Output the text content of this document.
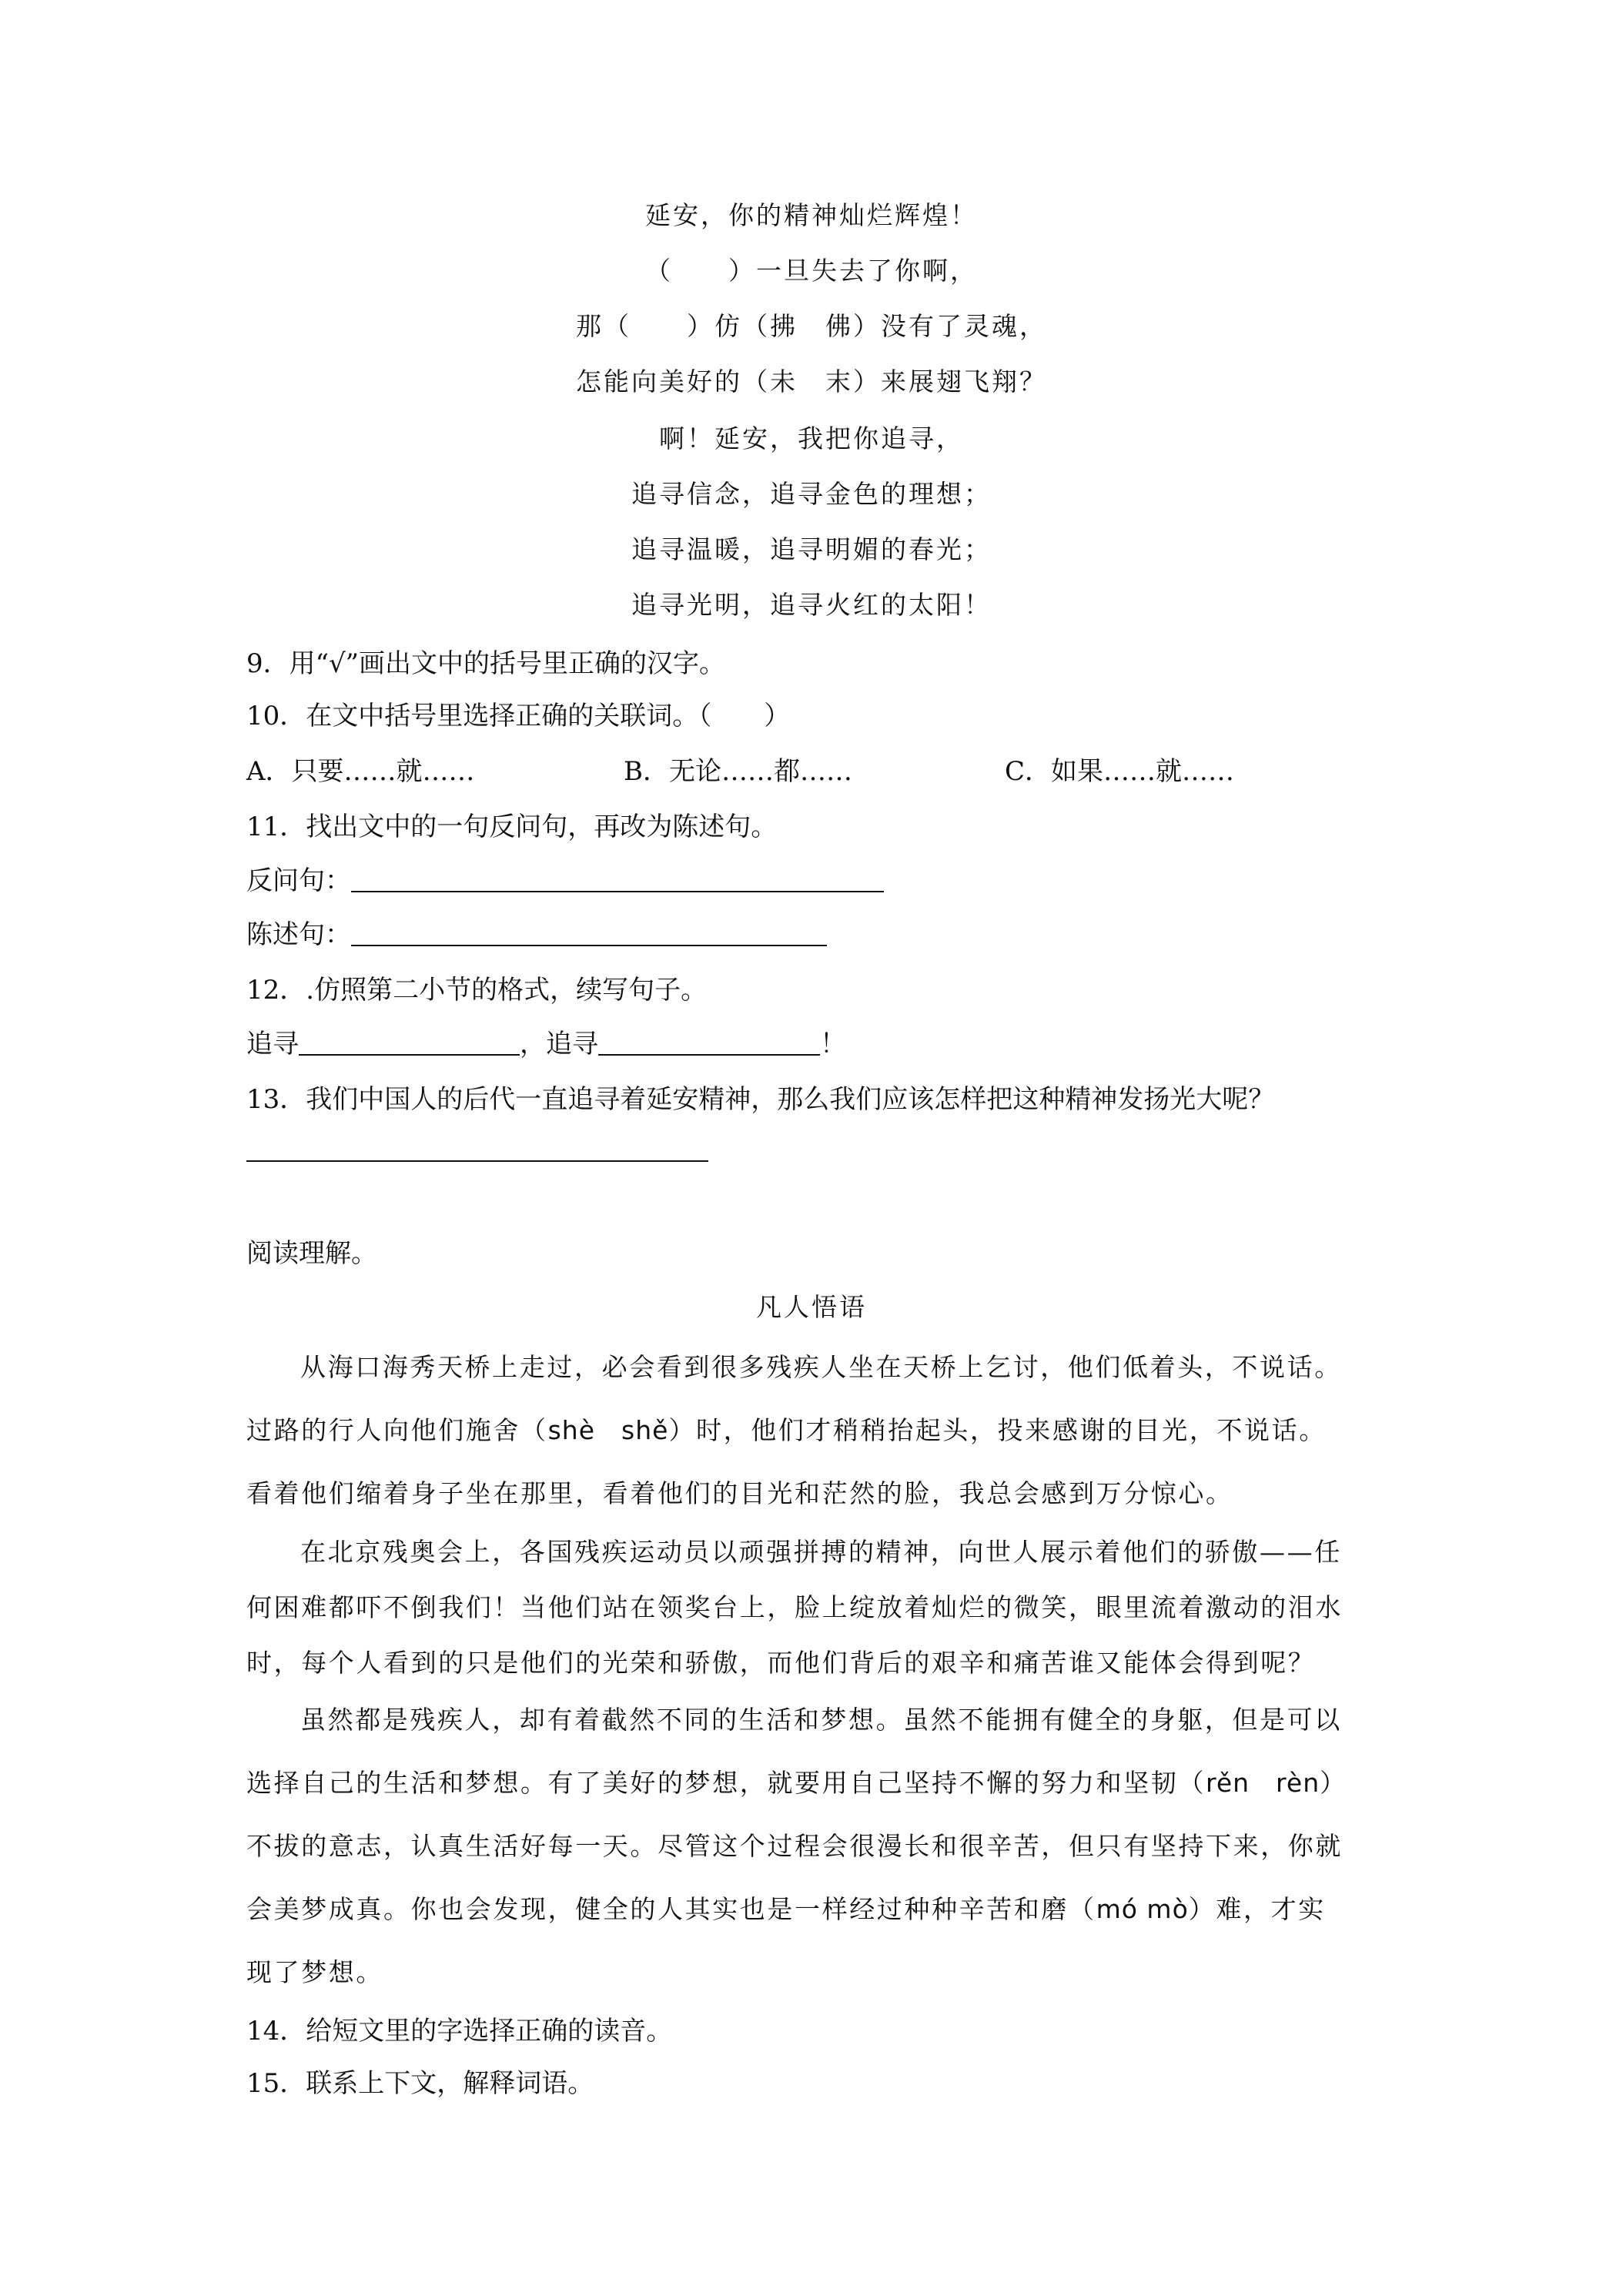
延安，你的精神灿烂辉煌！
（　　）一旦失去了你啊，
那（　　）仿（拂　佛）没有了灵魂，
怎能向美好的（未　末）来展翅飞翔？
啊！延安，我把你追寻，
追寻信念，追寻金色的理想；
追寻温暖，追寻明媚的春光；
追寻光明，追寻火红的太阳！
9．用“√”画出文中的括号里正确的汉字。
10．在文中括号里选择正确的关联词。（　　）
A．只要……就……	B．无论……都……	C．如果……就……
11．找出文中的一句反问句，再改为陈述句。
反问句：
陈述句：
12．.仿照第二小节的格式，续写句子。
追寻	，追寻	！
13．我们中国人的后代一直追寻着延安精神，那么我们应该怎样把这种精神发扬光大呢？
阅读理解。
凡人悟语
从海口海秀天桥上走过，必会看到很多残疾人坐在天桥上乞讨，他们低着头，不说话。
过路的行人向他们施舍（shè　shě）时，他们才稍稍抬起头，投来感谢的目光，不说话。
看着他们缩着身子坐在那里，看着他们的目光和茫然的脸，我总会感到万分惊心。
在北京残奥会上，各国残疾运动员以顽强拼搏的精神，向世人展示着他们的骄傲——任
何困难都吓不倒我们！当他们站在领奖台上，脸上绽放着灿烂的微笑，眼里流着激动的泪水
时，每个人看到的只是他们的光荣和骄傲，而他们背后的艰辛和痛苦谁又能体会得到呢？
虽然都是残疾人，却有着截然不同的生活和梦想。虽然不能拥有健全的身躯，但是可以
选择自己的生活和梦想。有了美好的梦想，就要用自己坚持不懈的努力和坚韧（rěn　rèn）
不拔的意志，认真生活好每一天。尽管这个过程会很漫长和很辛苦，但只有坚持下来，你就
会美梦成真。你也会发现，健全的人其实也是一样经过种种辛苦和磨（mó mò）难，才实
现了梦想。
14．给短文里的字选择正确的读音。
15．联系上下文，解释词语。
